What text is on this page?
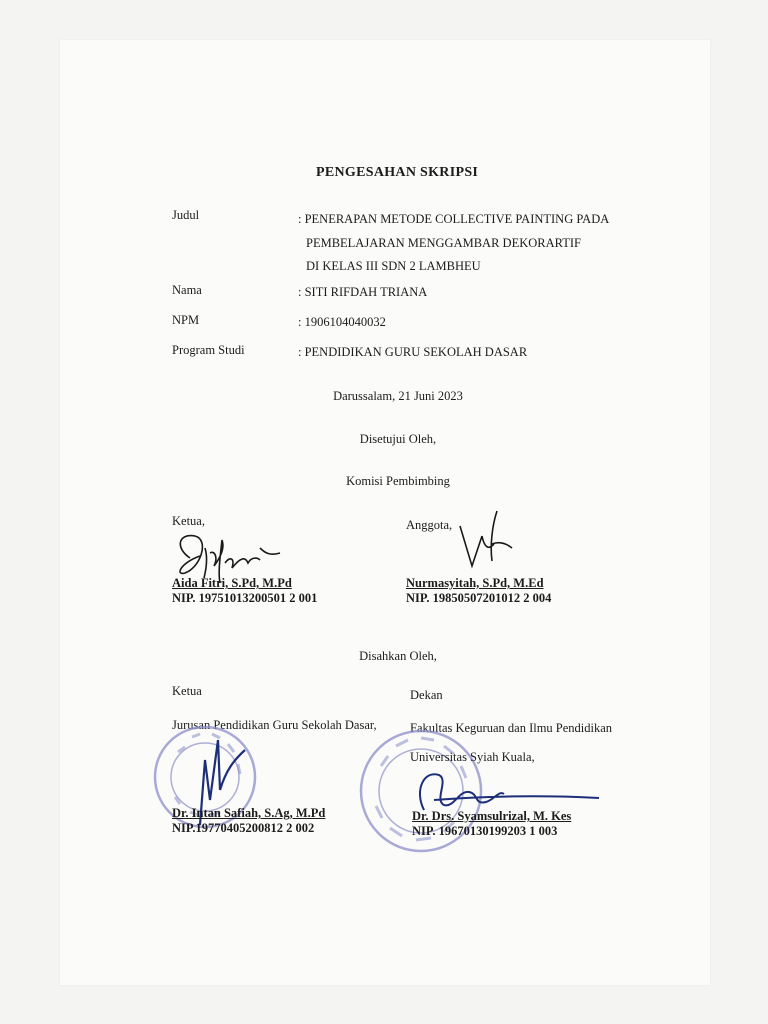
PENGESAHAN SKRIPSI
Judul	: PENERAPAN METODE COLLECTIVE PAINTING PADA
PEMBELAJARAN MENGGAMBAR DEKORARTIF
DI KELAS III SDN 2 LAMBHEU
Nama	: SITI RIFDAH TRIANA
NPM	: 1906104040032
Program Studi	: PENDIDIKAN GURU SEKOLAH DASAR
Darussalam, 21 Juni 2023
Disetujui Oleh,
Komisi Pembimbing
Ketua,	Anggota,
Aida Fitri, S.Pd, M.Pd
NIP. 19751013200501 2 001
Nurmasyitah, S.Pd, M.Ed
NIP. 19850507201012 2 004
Disahkan Oleh,
Ketua	Dekan
Jurusan Pendidikan Guru Sekolah Dasar,	Fakultas Keguruan dan Ilmu Pendidikan
Universitas Syiah Kuala,
Dr. Intan Safiah, S.Ag, M.Pd
NIP.19770405200812 2 002
Dr. Drs. Syamsulrizal, M. Kes
NIP. 19670130199203 1 003
